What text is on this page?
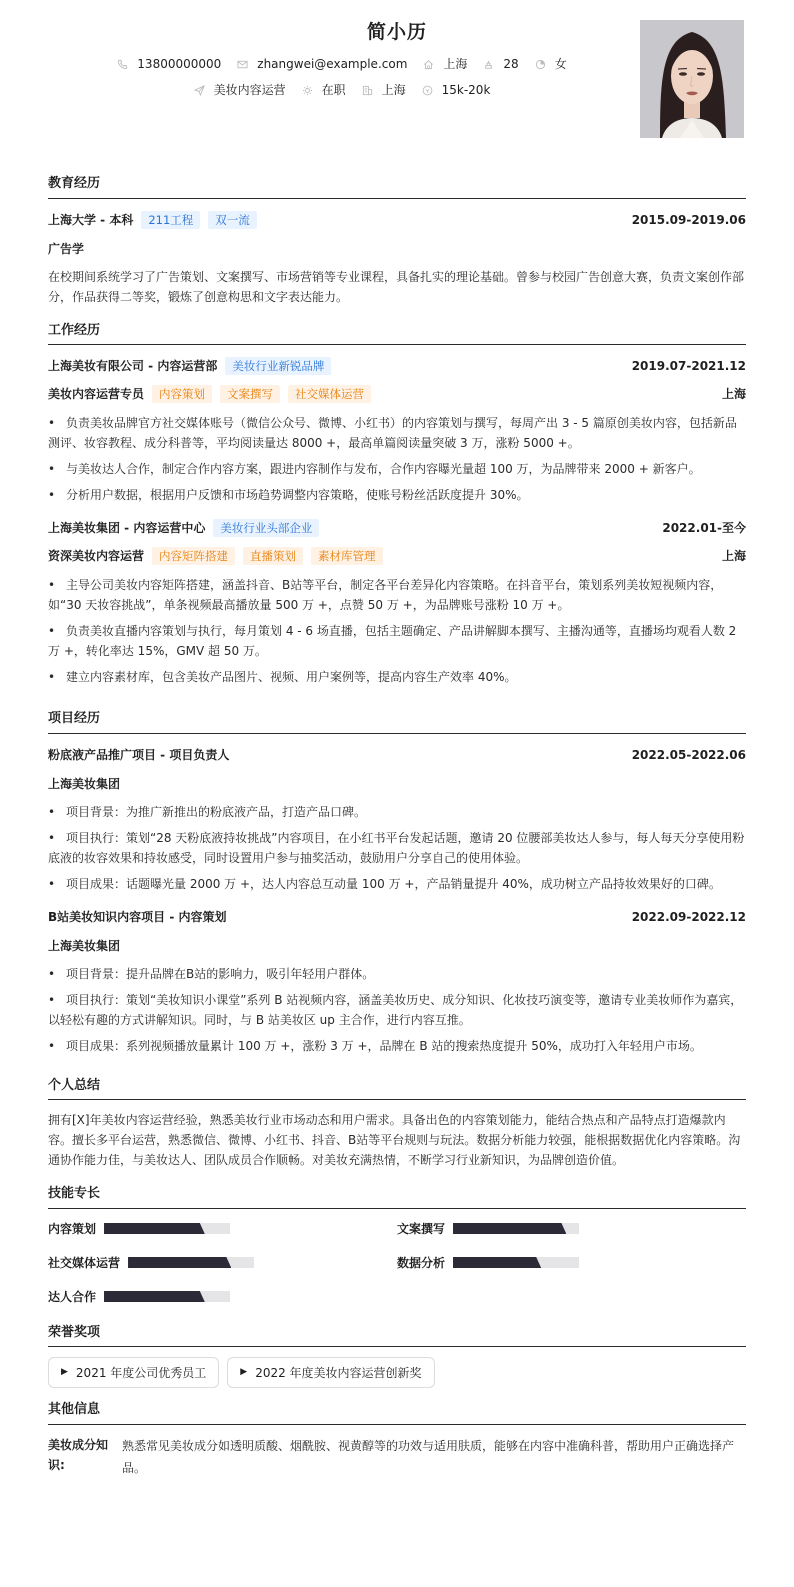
简小历
13800000000	zhangwei@example.com	上海	28	女
美妆内容运营	在职	上海	15k-20k
教育经历
上海大学 - 本科	211工程	双一流	2015.09-2019.06
广告学
在校期间系统学习了广告策划、文案撰写、市场营销等专业课程，具备扎实的理论基础。曾参与校园广告创意大赛，负责文案创作部分，作品获得二等奖，锻炼了创意构思和文字表达能力。
工作经历
上海美妆有限公司 - 内容运营部	美妆行业新锐品牌	2019.07-2021.12
美妆内容运营专员	内容策划	文案撰写	社交媒体运营	上海
•负责美妆品牌官方社交媒体账号（微信公众号、微博、小红书）的内容策划与撰写，每周产出 3 - 5 篇原创美妆内容，包括新品测评、妆容教程、成分科普等，平均阅读量达 8000 +，最高单篇阅读量突破 3 万，涨粉 5000 +。
•与美妆达人合作，制定合作内容方案，跟进内容制作与发布，合作内容曝光量超 100 万，为品牌带来 2000 + 新客户。
•分析用户数据，根据用户反馈和市场趋势调整内容策略，使账号粉丝活跃度提升 30%。
上海美妆集团 - 内容运营中心	美妆行业头部企业	2022.01-至今
资深美妆内容运营	内容矩阵搭建	直播策划	素材库管理	上海
•主导公司美妆内容矩阵搭建，涵盖抖音、B站等平台，制定各平台差异化内容策略。在抖音平台，策划系列美妆短视频内容，如“30 天妆容挑战”，单条视频最高播放量 500 万 +，点赞 50 万 +，为品牌账号涨粉 10 万 +。
•负责美妆直播内容策划与执行，每月策划 4 - 6 场直播，包括主题确定、产品讲解脚本撰写、主播沟通等，直播场均观看人数 2 万 +，转化率达 15%，GMV 超 50 万。
•建立内容素材库，包含美妆产品图片、视频、用户案例等，提高内容生产效率 40%。
项目经历
粉底液产品推广项目 - 项目负责人	2022.05-2022.06
上海美妆集团
•项目背景：为推广新推出的粉底液产品，打造产品口碑。
•项目执行：策划“28 天粉底液持妆挑战”内容项目，在小红书平台发起话题，邀请 20 位腰部美妆达人参与，每人每天分享使用粉底液的妆容效果和持妆感受，同时设置用户参与抽奖活动，鼓励用户分享自己的使用体验。
•项目成果：话题曝光量 2000 万 +，达人内容总互动量 100 万 +，产品销量提升 40%，成功树立产品持妆效果好的口碑。
B站美妆知识内容项目 - 内容策划	2022.09-2022.12
上海美妆集团
•项目背景：提升品牌在B站的影响力，吸引年轻用户群体。
•项目执行：策划“美妆知识小课堂”系列 B 站视频内容，涵盖美妆历史、成分知识、化妆技巧演变等，邀请专业美妆师作为嘉宾，以轻松有趣的方式讲解知识。同时，与 B 站美妆区 up 主合作，进行内容互推。
•项目成果：系列视频播放量累计 100 万 +，涨粉 3 万 +，品牌在 B 站的搜索热度提升 50%，成功打入年轻用户市场。
个人总结
拥有[X]年美妆内容运营经验，熟悉美妆行业市场动态和用户需求。具备出色的内容策划能力，能结合热点和产品特点打造爆款内容。擅长多平台运营，熟悉微信、微博、小红书、抖音、B站等平台规则与玩法。数据分析能力较强，能根据数据优化内容策略。沟通协作能力佳，与美妆达人、团队成员合作顺畅。对美妆充满热情，不断学习行业新知识，为品牌创造价值。
技能专长
内容策划	文案撰写
社交媒体运营	数据分析
达人合作
荣誉奖项
▶ 2021 年度公司优秀员工	▶ 2022 年度美妆内容运营创新奖
其他信息
美妆成分知识:
熟悉常见美妆成分如透明质酸、烟酰胺、视黄醇等的功效与适用肤质，能够在内容中准确科普，帮助用户正确选择产品。
